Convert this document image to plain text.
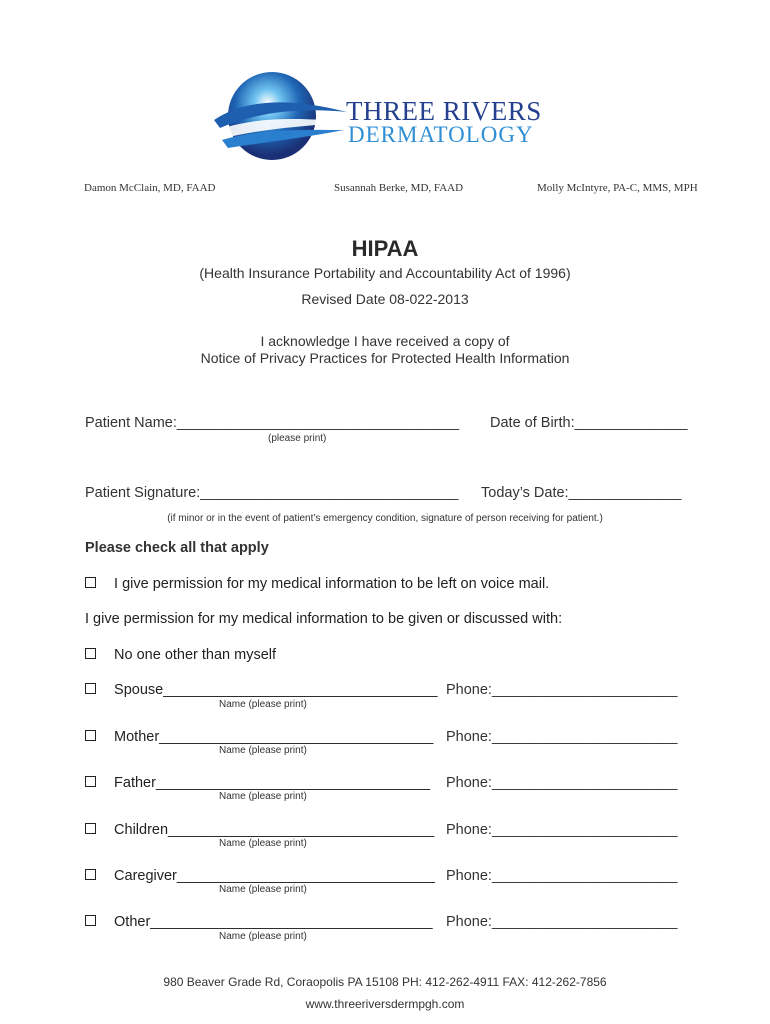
THREE RIVERS
DERMATOLOGY
Damon McClain, MD, FAAD	Susannah Berke, MD, FAAD	Molly McIntyre, PA-C, MMS, MPH
HIPAA
(Health Insurance Portability and Accountability Act of 1996)
Revised Date 08-022-2013
I acknowledge I have received a copy of
Notice of Privacy Practices for Protected Health Information
Patient Name:___________________________________ Date of Birth:______________
(please print)
Patient Signature:________________________________ Today’s Date:______________
(if minor or in the event of patient’s emergency condition, signature of person receiving for patient.)
Please check all that apply
I give permission for my medical information to be left on voice mail.
I give permission for my medical information to be given or discussed with:
No one other than myself
Spouse__________________________________ Phone:_______________________
Name (please print)
Mother__________________________________ Phone:_______________________
Name (please print)
Father__________________________________ Phone:_______________________
Name (please print)
Children_________________________________ Phone:_______________________
Name (please print)
Caregiver________________________________ Phone:_______________________
Name (please print)
Other___________________________________ Phone:_______________________
Name (please print)
980 Beaver Grade Rd, Coraopolis PA 15108 PH: 412-262-4911 FAX: 412-262-7856
www.threeriversdermpgh.com
